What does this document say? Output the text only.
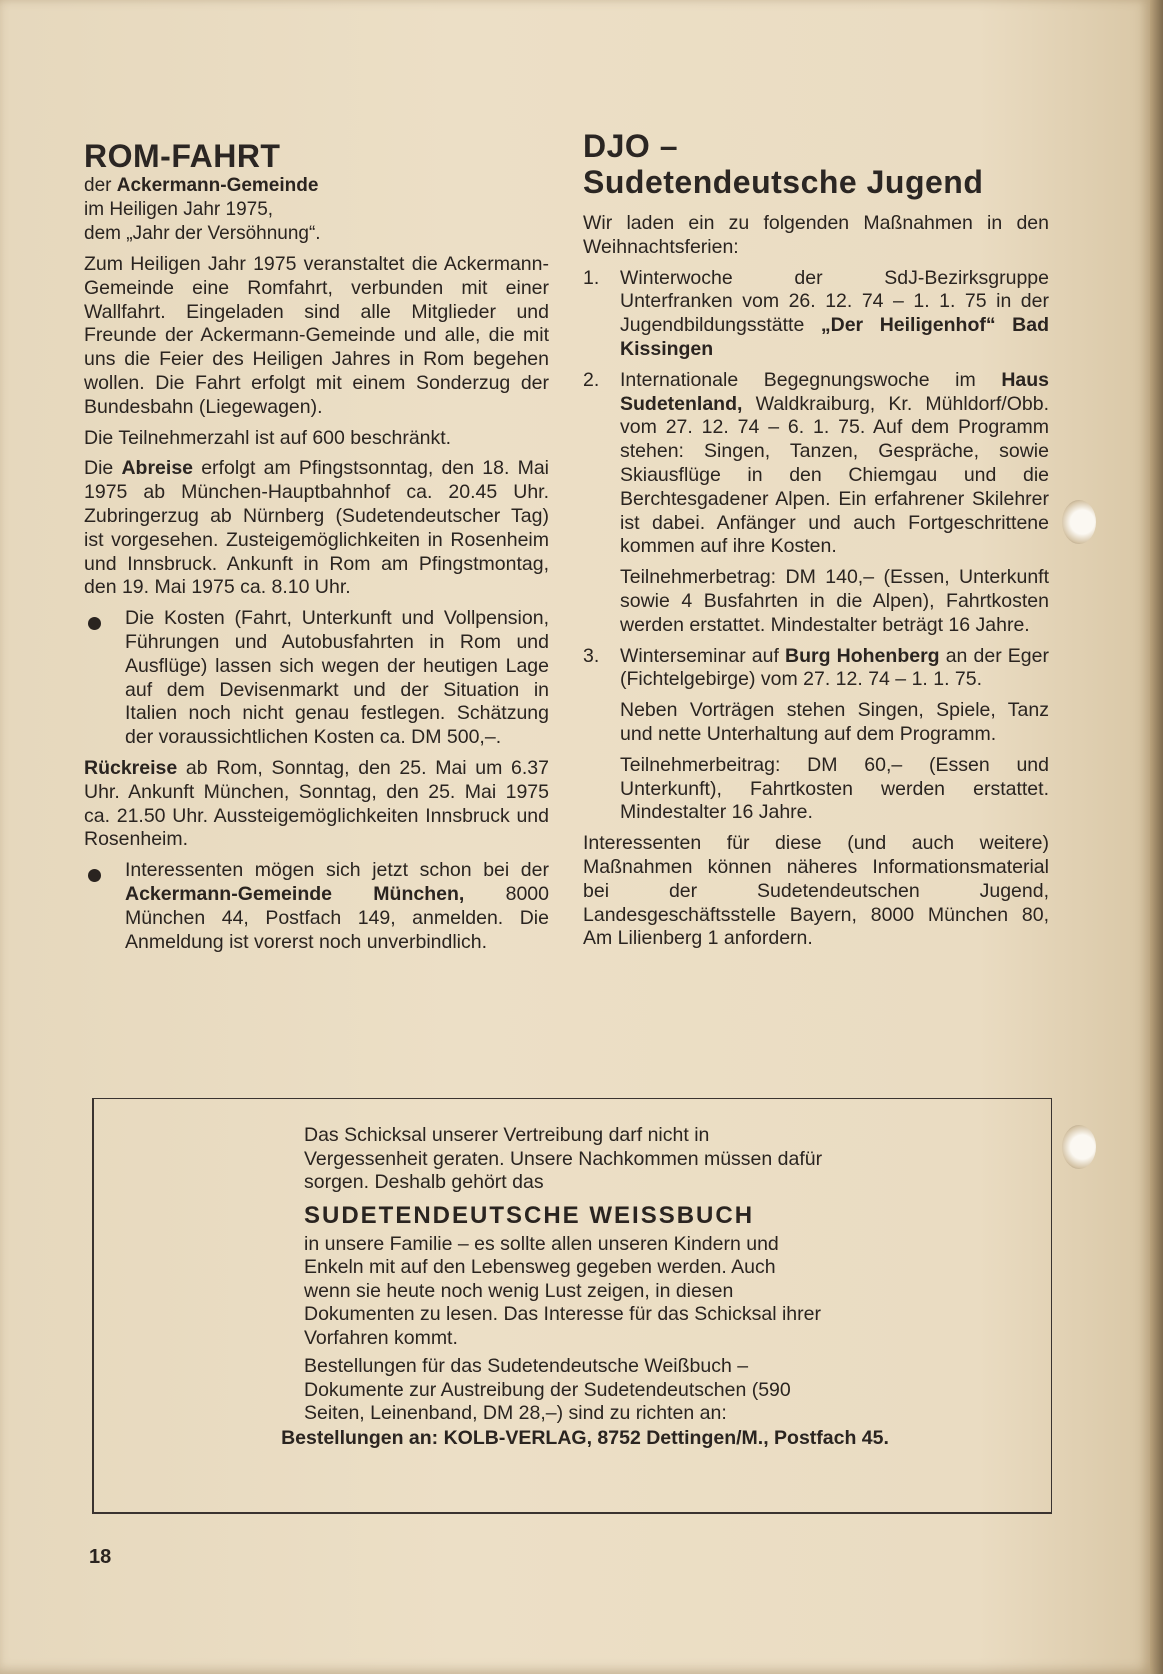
ROM-FAHRT
der Ackermann-Gemeinde
im Heiligen Jahr 1975,
dem „Jahr der Versöhnung“.

Zum Heiligen Jahr 1975 veranstaltet die Ackermann-Gemeinde eine Romfahrt, verbunden mit einer Wallfahrt. Eingeladen sind alle Mitglieder und Freunde der Ackermann-Gemeinde und alle, die mit uns die Feier des Heiligen Jahres in Rom begehen wollen. Die Fahrt erfolgt mit einem Sonderzug der Bundesbahn (Liegewagen).

Die Teilnehmerzahl ist auf 600 beschränkt.

Die Abreise erfolgt am Pfingstsonntag, den 18. Mai 1975 ab München-Hauptbahnhof ca. 20.45 Uhr. Zubringerzug ab Nürnberg (Sudetendeutscher Tag) ist vorgesehen. Zusteigemöglichkeiten in Rosenheim und Innsbruck. Ankunft in Rom am Pfingstmontag, den 19. Mai 1975 ca. 8.10 Uhr.

Die Kosten (Fahrt, Unterkunft und Vollpension, Führungen und Autobusfahrten in Rom und Ausflüge) lassen sich wegen der heutigen Lage auf dem Devisenmarkt und der Situation in Italien noch nicht genau festlegen. Schätzung der voraussichtlichen Kosten ca. DM 500,–.

Rückreise ab Rom, Sonntag, den 25. Mai um 6.37 Uhr. Ankunft München, Sonntag, den 25. Mai 1975 ca. 21.50 Uhr. Aussteigemöglichkeiten Innsbruck und Rosenheim.

Interessenten mögen sich jetzt schon bei der Ackermann-Gemeinde München, 8000 München 44, Postfach 149, anmelden. Die Anmeldung ist vorerst noch unverbindlich.

DJO –
Sudetendeutsche Jugend

Wir laden ein zu folgenden Maßnahmen in den Weihnachtsferien:

1. Winterwoche der SdJ-Bezirksgruppe Unterfranken vom 26. 12. 74 – 1. 1. 75 in der Jugendbildungsstätte „Der Heiligenhof“ Bad Kissingen

2. Internationale Begegnungswoche im Haus Sudetenland, Waldkraiburg, Kr. Mühldorf/Obb. vom 27. 12. 74 – 6. 1. 75. Auf dem Programm stehen: Singen, Tanzen, Gespräche, sowie Skiausflüge in den Chiemgau und die Berchtesgadener Alpen. Ein erfahrener Skilehrer ist dabei. Anfänger und auch Fortgeschrittene kommen auf ihre Kosten.

Teilnehmerbetrag: DM 140,– (Essen, Unterkunft sowie 4 Busfahrten in die Alpen), Fahrtkosten werden erstattet. Mindestalter beträgt 16 Jahre.

3. Winterseminar auf Burg Hohenberg an der Eger (Fichtelgebirge) vom 27. 12. 74 – 1. 1. 75.

Neben Vorträgen stehen Singen, Spiele, Tanz und nette Unterhaltung auf dem Programm.

Teilnehmerbeitrag: DM 60,– (Essen und Unterkunft), Fahrtkosten werden erstattet. Mindestalter 16 Jahre.

Interessenten für diese (und auch weitere) Maßnahmen können näheres Informationsmaterial bei der Sudetendeutschen Jugend, Landesgeschäftsstelle Bayern, 8000 München 80, Am Lilienberg 1 anfordern.

Das Schicksal unserer Vertreibung darf nicht in Vergessenheit geraten. Unsere Nachkommen müssen dafür sorgen. Deshalb gehört das

SUDETENDEUTSCHE WEISSBUCH

in unsere Familie – es sollte allen unseren Kindern und Enkeln mit auf den Lebensweg gegeben werden. Auch wenn sie heute noch wenig Lust zeigen, in diesen Dokumenten zu lesen. Das Interesse für das Schicksal ihrer Vorfahren kommt.

Bestellungen für das Sudetendeutsche Weißbuch – Dokumente zur Austreibung der Sudetendeutschen (590 Seiten, Leinenband, DM 28,–) sind zu richten an:

Bestellungen an: KOLB-VERLAG, 8752 Dettingen/M., Postfach 45.
18
